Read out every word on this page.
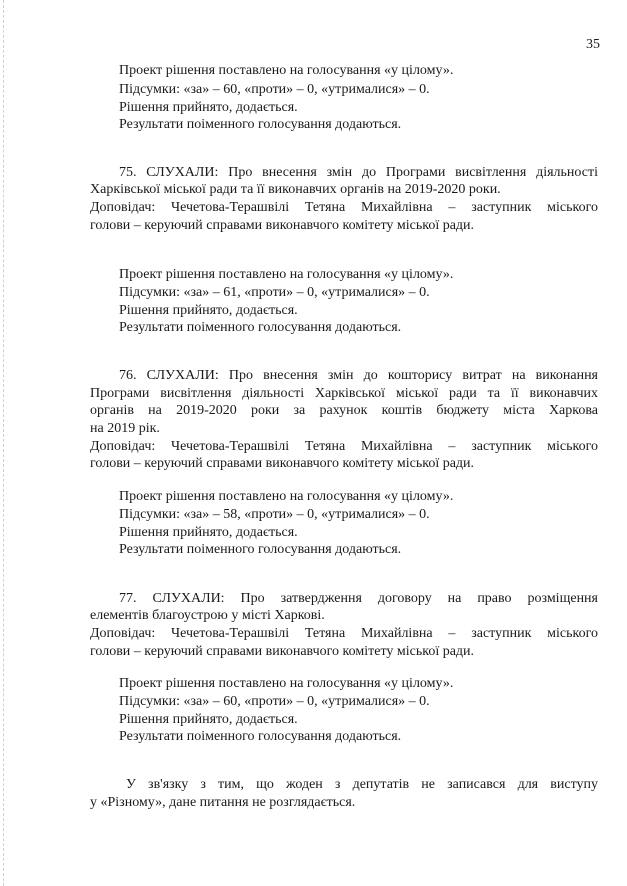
35
Проект рішення поставлено на голосування «у цілому».
Підсумки: «за» – 60, «проти» – 0, «утрималися» – 0.
Рішення прийнято, додається.
Результати поіменного голосування додаються.
75. СЛУХАЛИ: Про внесення змін до Програми висвітлення діяльності
Харківської міської ради та її виконавчих органів на 2019-2020 роки.
Доповідач: Чечетова-Терашвілі Тетяна Михайлівна – заступник міського
голови – керуючий справами виконавчого комітету міської ради.
Проект рішення поставлено на голосування «у цілому».
Підсумки: «за» – 61, «проти» – 0, «утрималися» – 0.
Рішення прийнято, додається.
Результати поіменного голосування додаються.
76. СЛУХАЛИ: Про внесення змін до кошторису витрат на виконання
Програми висвітлення діяльності Харківської міської ради та її виконавчих
органів на 2019-2020 роки за рахунок коштів бюджету міста Харкова
на 2019 рік.
Доповідач: Чечетова-Терашвілі Тетяна Михайлівна – заступник міського
голови – керуючий справами виконавчого комітету міської ради.
Проект рішення поставлено на голосування «у цілому».
Підсумки: «за» – 58, «проти» – 0, «утрималися» – 0.
Рішення прийнято, додається.
Результати поіменного голосування додаються.
77. СЛУХАЛИ: Про затвердження договору на право розміщення
елементів благоустрою у місті Харкові.
Доповідач: Чечетова-Терашвілі Тетяна Михайлівна – заступник міського
голови – керуючий справами виконавчого комітету міської ради.
Проект рішення поставлено на голосування «у цілому».
Підсумки: «за» – 60, «проти» – 0, «утрималися» – 0.
Рішення прийнято, додається.
Результати поіменного голосування додаються.
У зв'язку з тим, що жоден з депутатів не записався для виступу
у «Різному», дане питання не розглядається.
